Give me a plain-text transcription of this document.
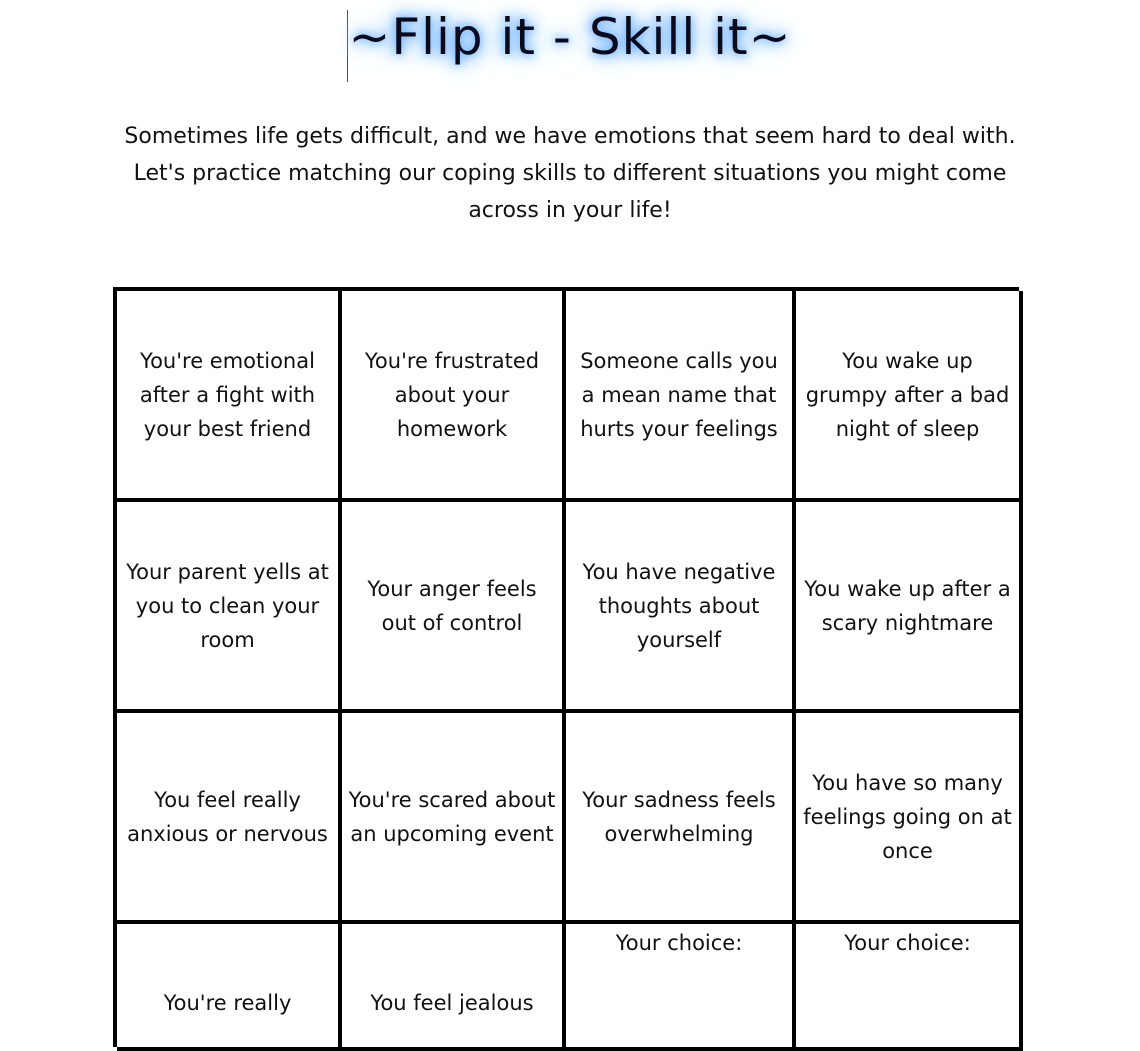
~Flip it - Skill it~
Sometimes life gets difficult, and we have emotions that seem hard to deal with. Let's practice matching our coping skills to different situations you might come across in your life!
You're emotional after a fight with your best friend
You're frustrated about your homework
Someone calls you a mean name that hurts your feelings
You wake up grumpy after a bad night of sleep
Your parent yells at you to clean your room
Your anger feels out of control
You have negative thoughts about yourself
You wake up after a scary nightmare
You feel really anxious or nervous
You're scared about an upcoming event
Your sadness feels overwhelming
You have so many feelings going on at once
You're really	You feel jealous
Your choice:	Your choice:
